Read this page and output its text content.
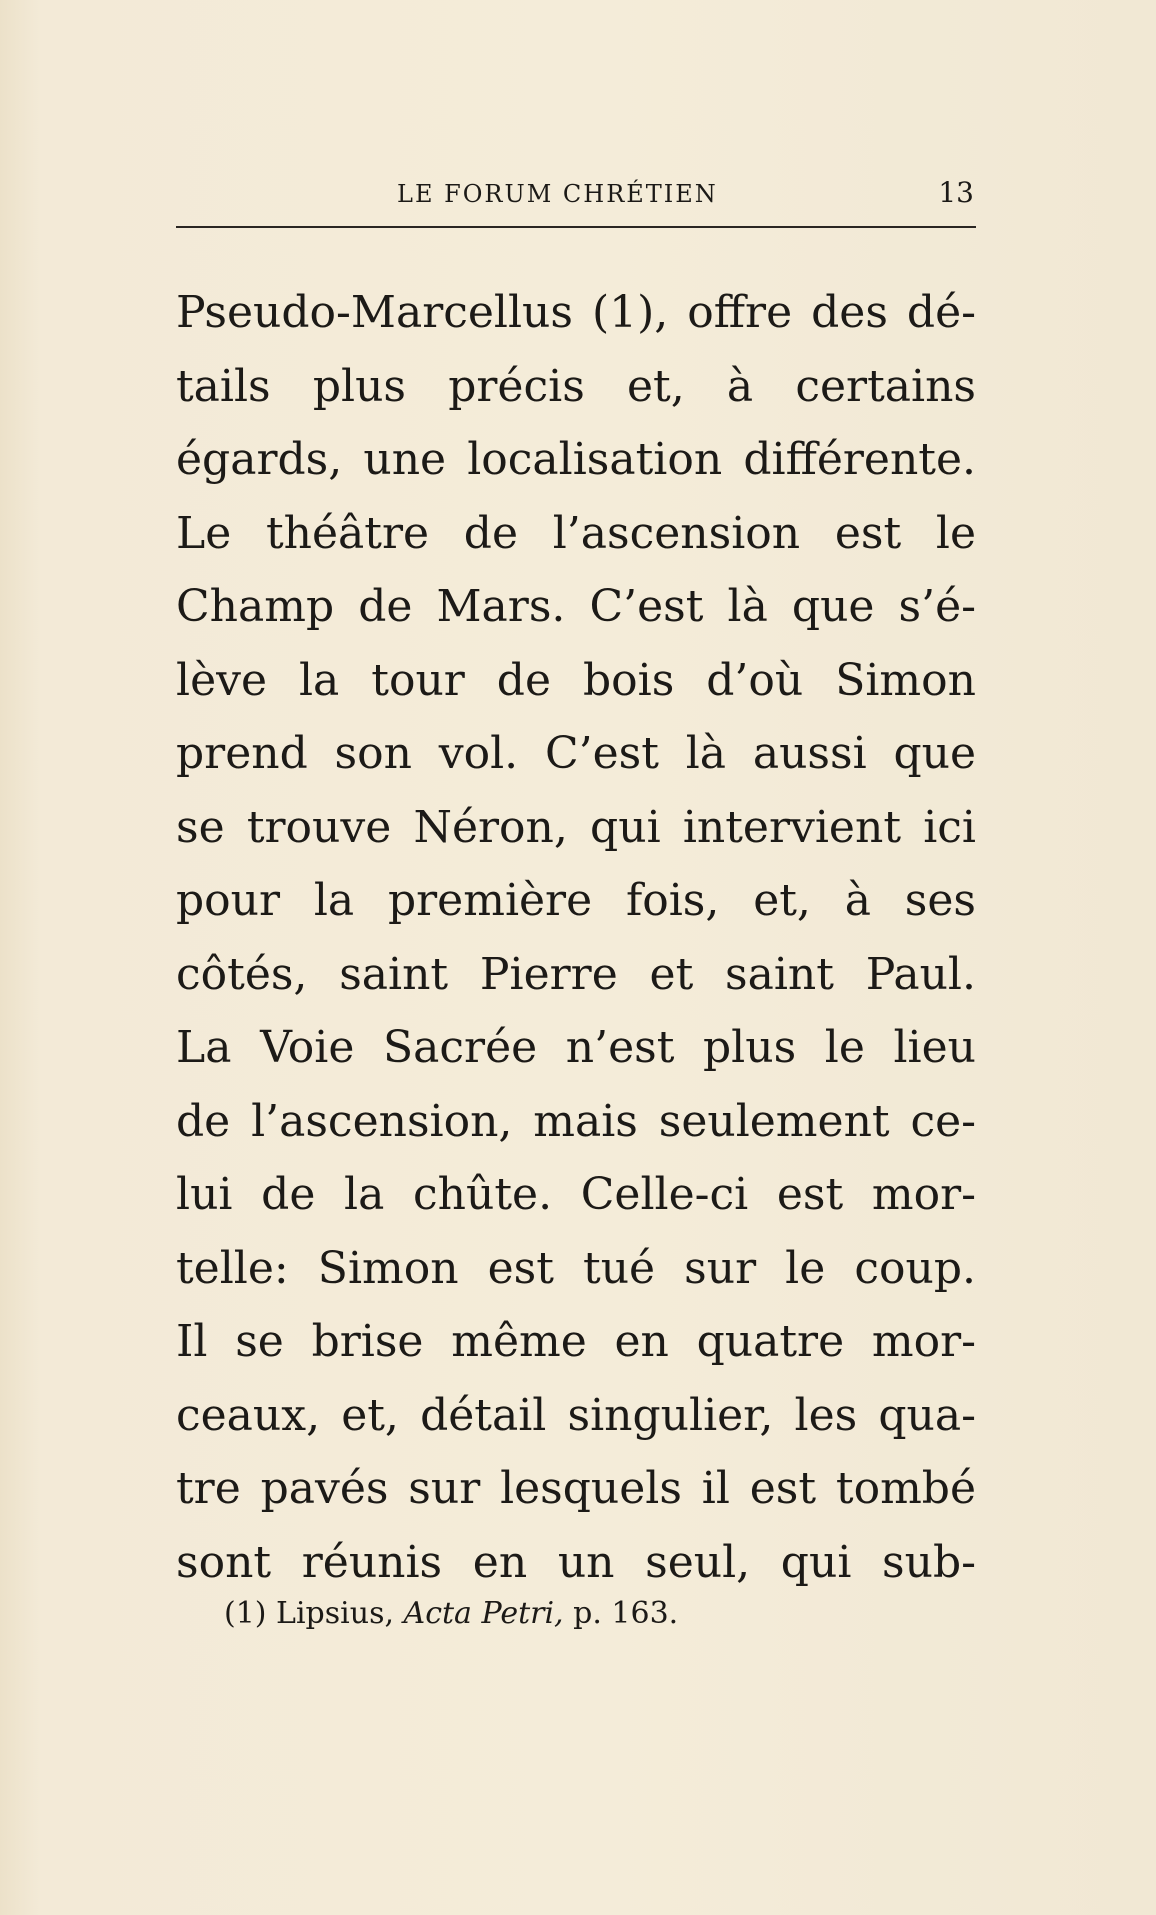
LE FORUM CHRÉTIEN	13
Pseudo-Marcellus (1), offre des dé-
tails plus précis et, à certains
égards, une localisation différente.
Le théâtre de l’ascension est le
Champ de Mars. C’est là que s’é-
lève la tour de bois d’où Simon
prend son vol. C’est là aussi que
se trouve Néron, qui intervient ici
pour la première fois, et, à ses
côtés, saint Pierre et saint Paul.
La Voie Sacrée n’est plus le lieu
de l’ascension, mais seulement ce-
lui de la chûte. Celle-ci est mor-
telle: Simon est tué sur le coup.
Il se brise même en quatre mor-
ceaux, et, détail singulier, les qua-
tre pavés sur lesquels il est tombé
sont réunis en un seul, qui sub-
(1) Lipsius, Acta Petri, p. 163.
